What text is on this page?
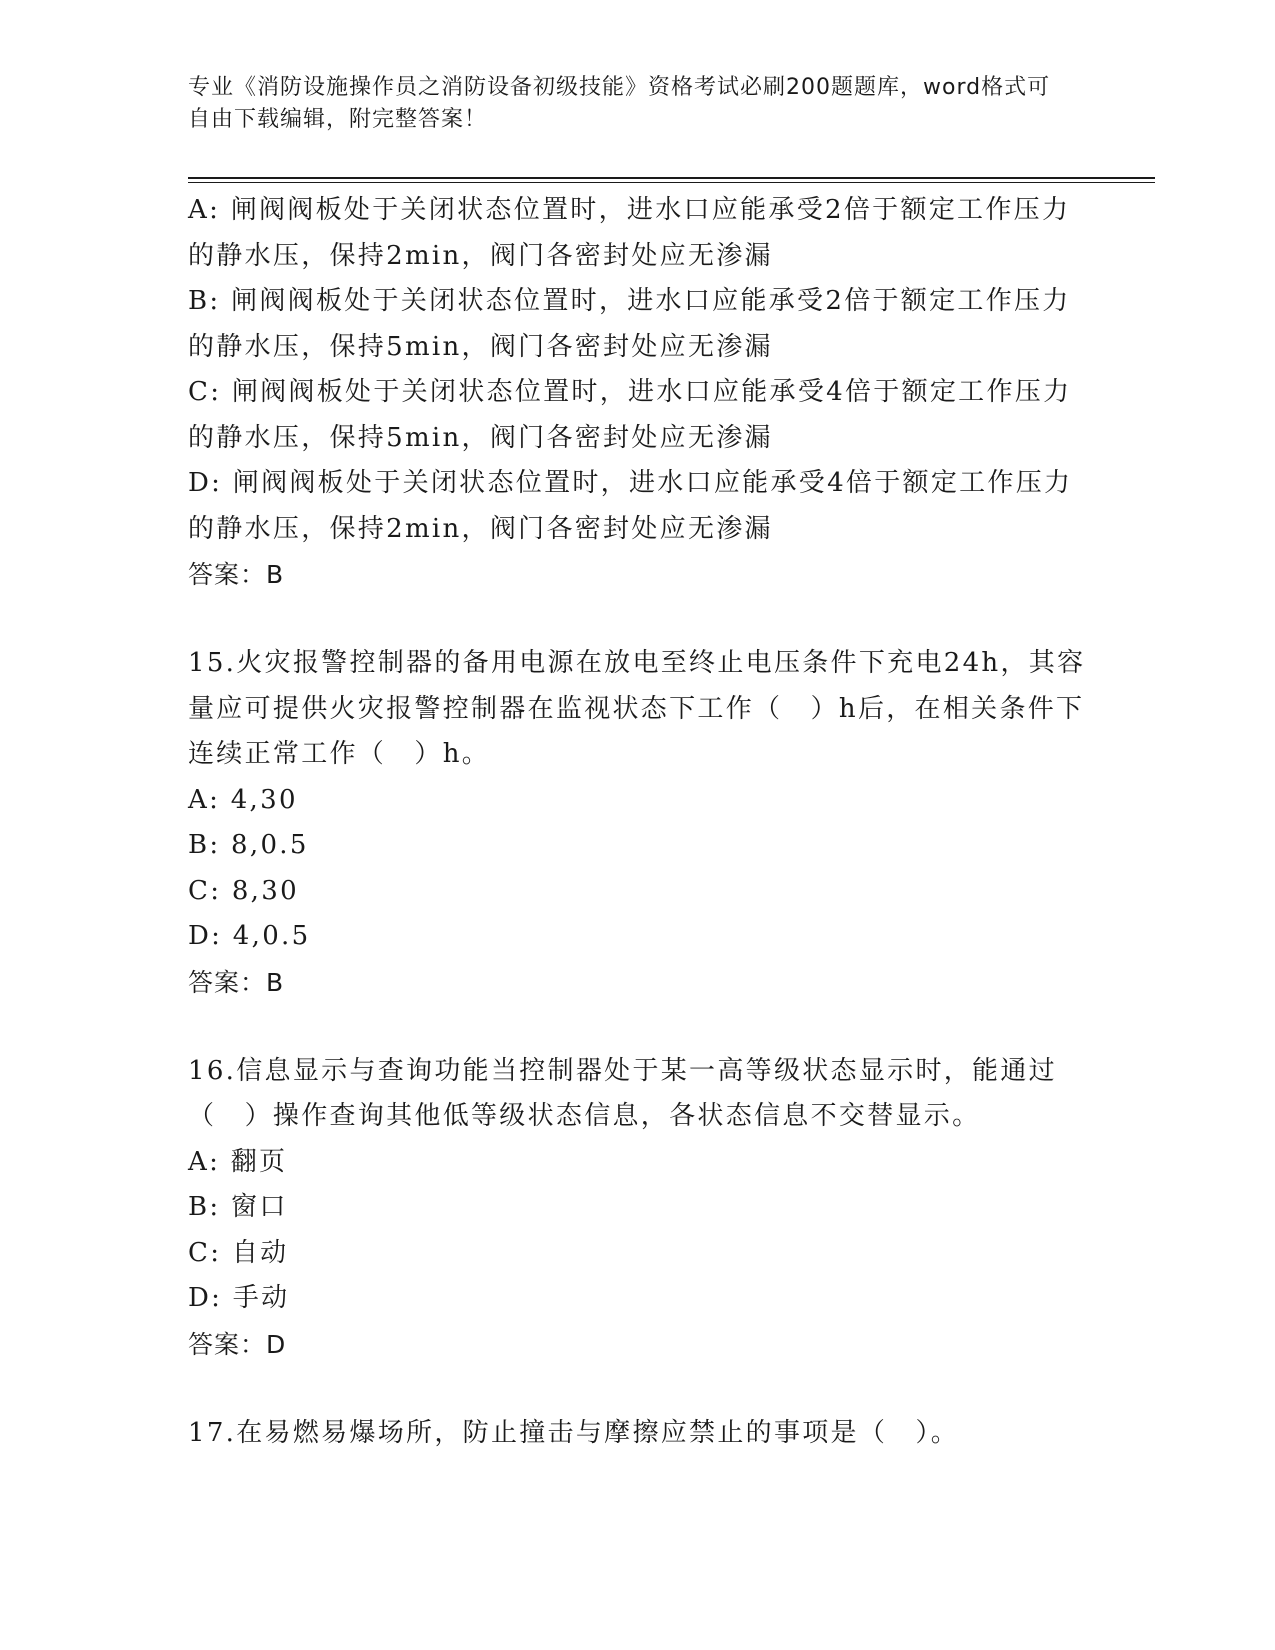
专业《消防设施操作员之消防设备初级技能》资格考试必刷200题题库，word格式可自由下载编辑，附完整答案！
A : 闸阀阀板处于关闭状态位置时，进水口应能承受2倍于额定工作压力的静水压，保持2min，阀门各密封处应无渗漏
B : 闸阀阀板处于关闭状态位置时，进水口应能承受2倍于额定工作压力的静水压，保持5min，阀门各密封处应无渗漏
C : 闸阀阀板处于关闭状态位置时，进水口应能承受4倍于额定工作压力的静水压，保持5min，阀门各密封处应无渗漏
D : 闸阀阀板处于关闭状态位置时，进水口应能承受4倍于额定工作压力的静水压，保持2min，阀门各密封处应无渗漏
答案：B
15.火灾报警控制器的备用电源在放电至终止电压条件下充电24h，其容量应可提供火灾报警控制器在监视状态下工作（　）h后，在相关条件下连续正常工作（　）h。
A : 4,30
B : 8,0.5
C : 8,30
D : 4,0.5
答案：B
16.信息显示与查询功能当控制器处于某一高等级状态显示时，能通过（　）操作查询其他低等级状态信息，各状态信息不交替显示。
A : 翻页
B : 窗口
C : 自动
D : 手动
答案：D
17.在易燃易爆场所，防止撞击与摩擦应禁止的事项是（　）。
